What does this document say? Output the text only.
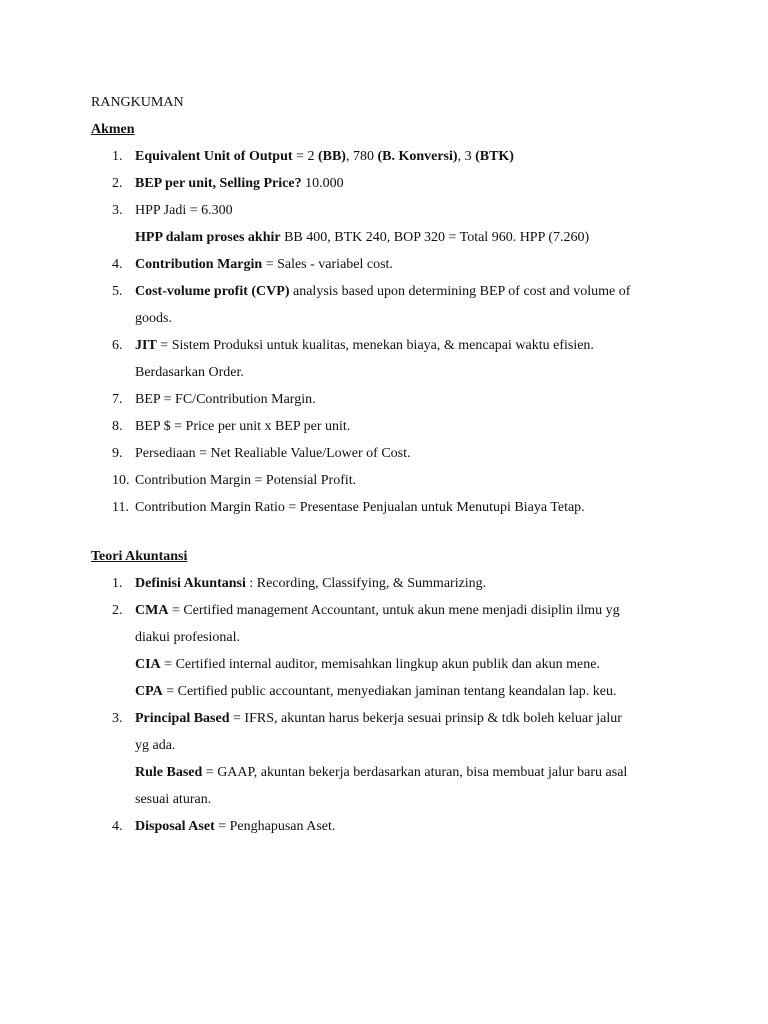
RANGKUMAN
Akmen
1. Equivalent Unit of Output = 2 (BB), 780 (B. Konversi), 3 (BTK)
2. BEP per unit, Selling Price? 10.000
3. HPP Jadi = 6.300
HPP dalam proses akhir BB 400, BTK 240, BOP 320 = Total 960. HPP (7.260)
4. Contribution Margin = Sales - variabel cost.
5. Cost-volume profit (CVP) analysis based upon determining BEP of cost and volume of
goods.
6. JIT = Sistem Produksi untuk kualitas, menekan biaya, & mencapai waktu efisien.
Berdasarkan Order.
7. BEP = FC/Contribution Margin.
8. BEP $ = Price per unit x BEP per unit.
9. Persediaan = Net Realiable Value/Lower of Cost.
10. Contribution Margin = Potensial Profit.
11. Contribution Margin Ratio = Presentase Penjualan untuk Menutupi Biaya Tetap.
Teori Akuntansi
1. Definisi Akuntansi : Recording, Classifying, & Summarizing.
2. CMA = Certified management Accountant, untuk akun mene menjadi disiplin ilmu yg
diakui profesional.
CIA = Certified internal auditor, memisahkan lingkup akun publik dan akun mene.
CPA = Certified public accountant, menyediakan jaminan tentang keandalan lap. keu.
3. Principal Based = IFRS, akuntan harus bekerja sesuai prinsip & tdk boleh keluar jalur
yg ada.
Rule Based = GAAP, akuntan bekerja berdasarkan aturan, bisa membuat jalur baru asal
sesuai aturan.
4. Disposal Aset = Penghapusan Aset.
